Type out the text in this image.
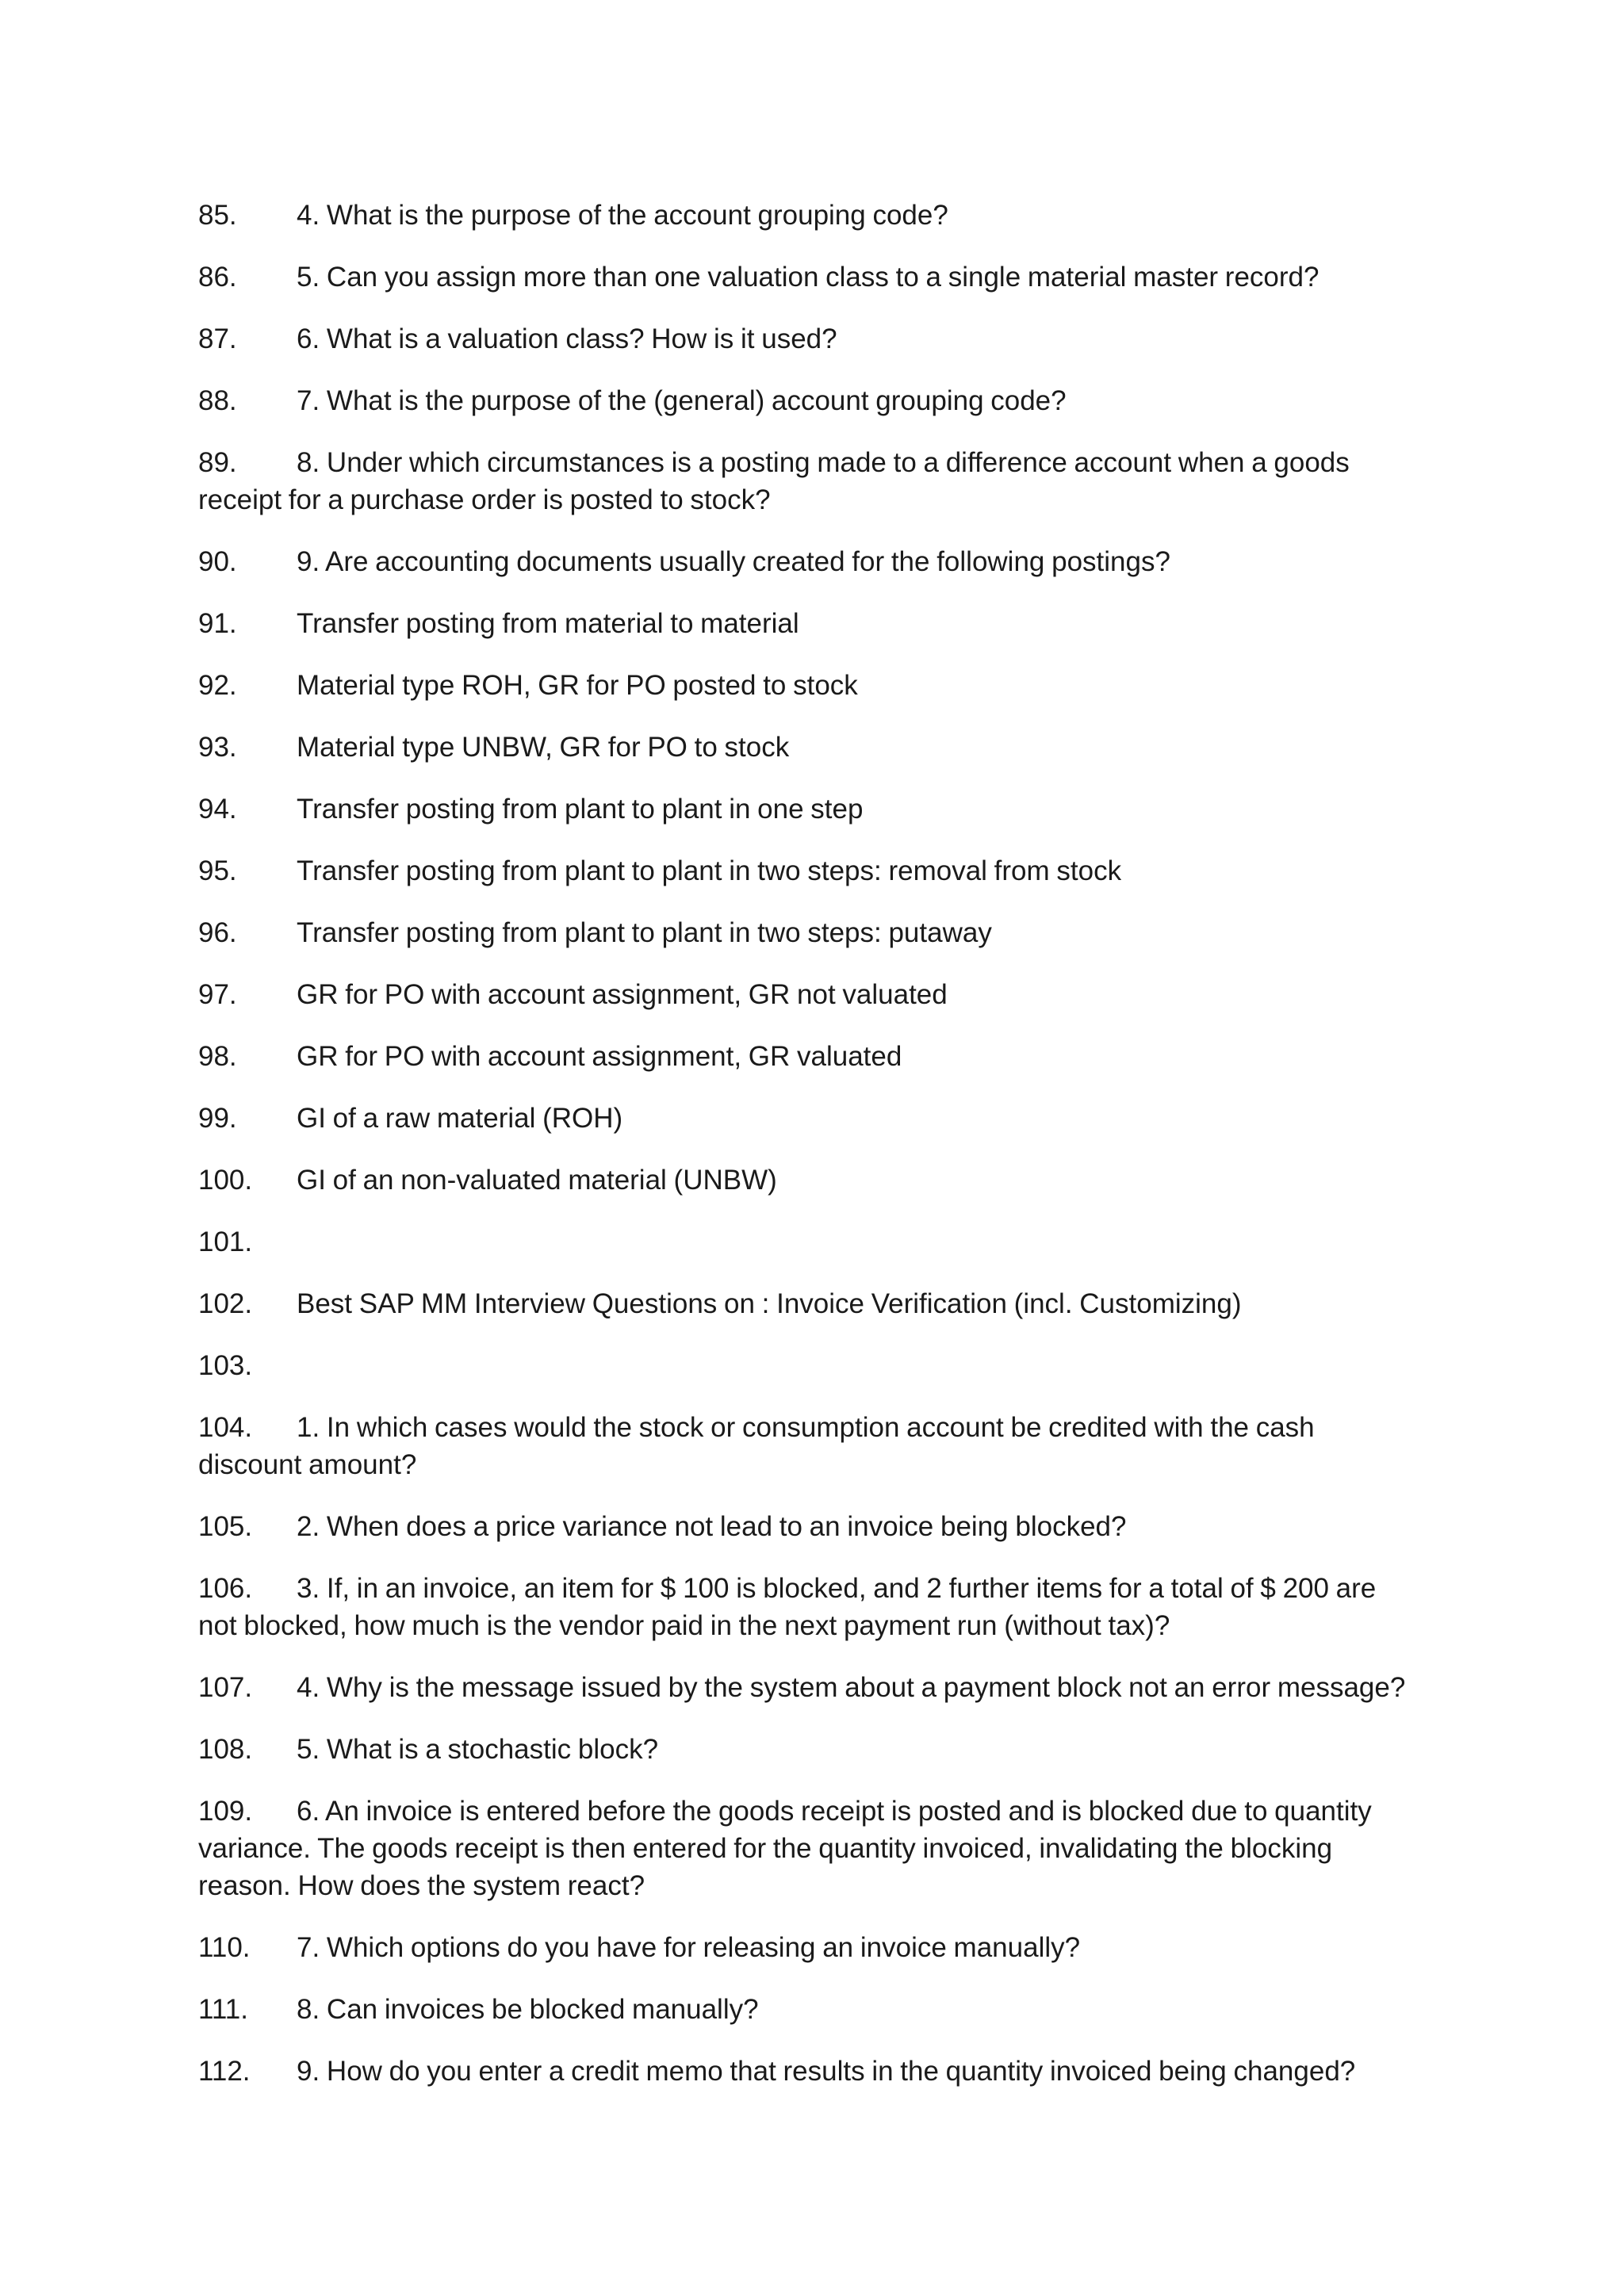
85. 4. What is the purpose of the account grouping code?
86. 5. Can you assign more than one valuation class to a single material master record?
87. 6. What is a valuation class? How is it used?
88. 7. What is the purpose of the (general) account grouping code?
89. 8. Under which circumstances is a posting made to a difference account when a goods receipt for a purchase order is posted to stock?
90. 9. Are accounting documents usually created for the following postings?
91. Transfer posting from material to material
92. Material type ROH, GR for PO posted to stock
93. Material type UNBW, GR for PO to stock
94. Transfer posting from plant to plant in one step
95. Transfer posting from plant to plant in two steps: removal from stock
96. Transfer posting from plant to plant in two steps: putaway
97. GR for PO with account assignment, GR not valuated
98. GR for PO with account assignment, GR valuated
99. GI of a raw material (ROH)
100. GI of an non-valuated material (UNBW)
101.
102. Best SAP MM Interview Questions on : Invoice Verification (incl. Customizing)
103.
104. 1. In which cases would the stock or consumption account be credited with the cash discount amount?
105. 2. When does a price variance not lead to an invoice being blocked?
106. 3. If, in an invoice, an item for $ 100 is blocked, and 2 further items for a total of $ 200 are not blocked, how much is the vendor paid in the next payment run (without tax)?
107. 4. Why is the message issued by the system about a payment block not an error message?
108. 5. What is a stochastic block?
109. 6. An invoice is entered before the goods receipt is posted and is blocked due to quantity variance. The goods receipt is then entered for the quantity invoiced, invalidating the blocking reason. How does the system react?
110. 7. Which options do you have for releasing an invoice manually?
111. 8. Can invoices be blocked manually?
112. 9. How do you enter a credit memo that results in the quantity invoiced being changed?
